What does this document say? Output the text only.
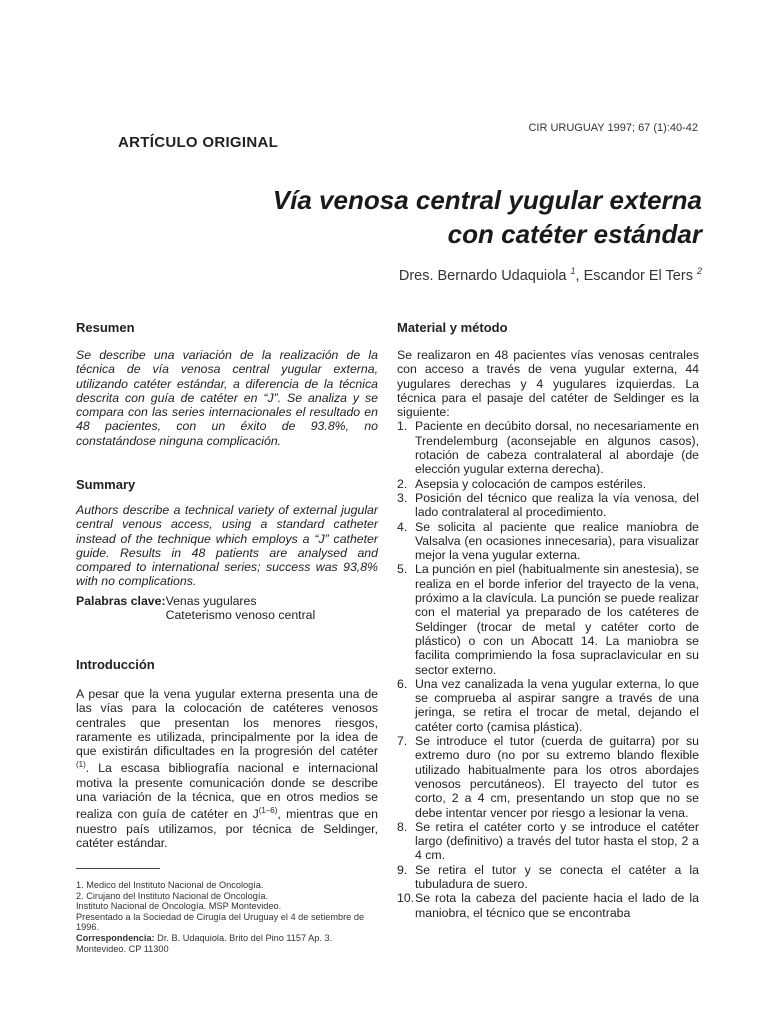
CIR URUGUAY 1997; 67 (1):40-42
ARTÍCULO ORIGINAL
Vía venosa central yugular externa
con catéter estándar
Dres. Bernardo Udaquiola $^1$, Escandor El Ters $^2$
Resumen

Se describe una variación de la realización de la técnica de vía venosa central yugular externa, utilizando catéter estándar, a diferencia de la técnica descrita con guía de catéter en “J”. Se analiza y se compara con las series internacionales el resultado en 48 pacientes, con un éxito de 93.8%, no constatándose ninguna complicación.

Summary

Authors describe a technical variety of external jugular central venous access, using a standard catheter instead of the technique which employs a “J” catheter guide. Results in 48 patients are analysed and compared to international series; success was 93,8% with no complications.

Palabras clave: Venas yugulares
Cateterismo venoso central
Introducción

A pesar que la vena yugular externa presenta una de las vías para la colocación de catéteres venosos centrales que presentan los menores riesgos, raramente es utilizada, principalmente por la idea de que existirán dificultades en la progresión del catéter $^{(1)}$. La escasa bibliografía nacional e internacional motiva la presente comunicación donde se describe una variación de la técnica, que en otros medios se realiza con guía de catéter en J$^{(1-6)}$, mientras que en nuestro país utilizamos, por técnica de Seldinger, catéter estándar.

1. Medico del Instituto Nacional de Oncología.

2. Cirujano del Instituto Nacional de Oncología.

Instituto Nacional de Oncología. MSP Montevideo.

Presentado a la Sociedad de Cirugía del Uruguay el 4 de setiembre de 1996.

Correspondencia: Dr. B. Udaquiola. Brito del Pino 1157 Ap. 3. Montevideo. CP 11300

Material y método

Se realizaron en 48 pacientes vías venosas centrales con acceso a través de vena yugular externa, 44 yugulares derechas y 4 yugulares izquierdas. La técnica para el pasaje del catéter de Seldinger es la siguiente:

1. Paciente en decúbito dorsal, no necesariamente en Trendelemburg (aconsejable en algunos casos), rotación de cabeza contralateral al abordaje (de elección yugular externa derecha).
2. Asepsia y colocación de campos estériles.
3. Posición del técnico que realiza la vía venosa, del lado contralateral al procedimiento.
4. Se solicita al paciente que realice maniobra de Valsalva (en ocasiones innecesaria), para visualizar mejor la vena yugular externa.
5. La punción en piel (habitualmente sin anestesia), se realiza en el borde inferior del trayecto de la vena, próximo a la clavícula. La punción se puede realizar con el material ya preparado de los catéteres de Seldinger (trocar de metal y catéter corto de plástico) o con un Abocatt 14. La maniobra se facilita comprimiendo la fosa supraclavicular en su sector externo.
6. Una vez canalizada la vena yugular externa, lo que se comprueba al aspirar sangre a través de una jeringa, se retira el trocar de metal, dejando el catéter corto (camisa plástica).
7. Se introduce el tutor (cuerda de guitarra) por su extremo duro (no por su extremo blando flexible utilizado habitualmente para los otros abordajes venosos percutáneos). El trayecto del tutor es corto, 2 a 4 cm, presentando un stop que no se debe intentar vencer por riesgo a lesionar la vena.
8. Se retira el catéter corto y se introduce el catéter largo (definitivo) a través del tutor hasta el stop, 2 a 4 cm.
9. Se retira el tutor y se conecta el catéter a la tubuladura de suero.
10. Se rota la cabeza del paciente hacia el lado de la maniobra, el técnico que se encontraba
